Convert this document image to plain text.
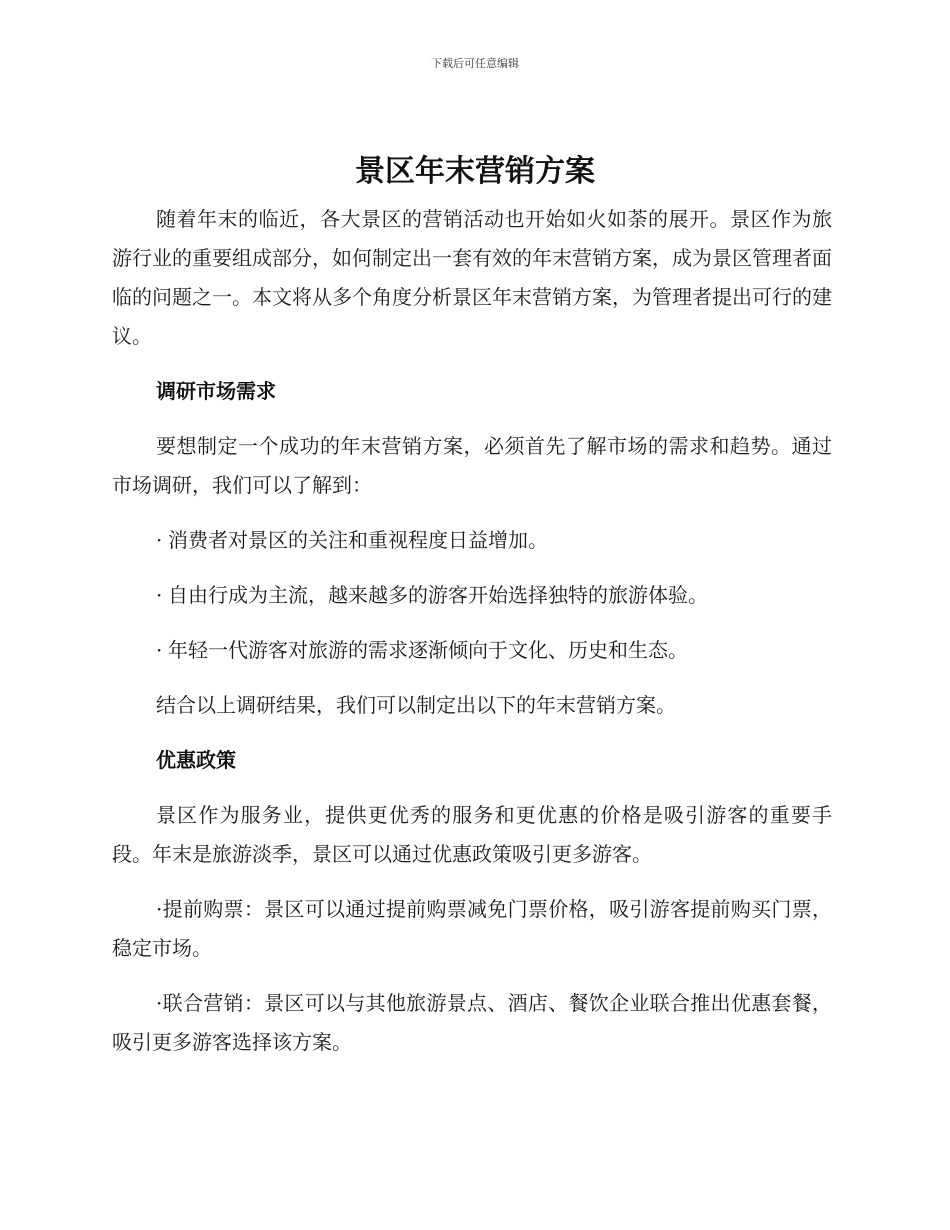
下载后可任意编辑
景区年末营销方案

随着年末的临近，各大景区的营销活动也开始如火如荼的展开。景区作为旅游行业的重要组成部分，如何制定出一套有效的年末营销方案，成为景区管理者面临的问题之一。本文将从多个角度分析景区年末营销方案，为管理者提出可行的建议。

调研市场需求

要想制定一个成功的年末营销方案，必须首先了解市场的需求和趋势。通过市场调研，我们可以了解到：

· 消费者对景区的关注和重视程度日益增加。
· 自由行成为主流，越来越多的游客开始选择独特的旅游体验。
· 年轻一代游客对旅游的需求逐渐倾向于文化、历史和生态。

结合以上调研结果，我们可以制定出以下的年末营销方案。

优惠政策

景区作为服务业，提供更优秀的服务和更优惠的价格是吸引游客的重要手段。年末是旅游淡季，景区可以通过优惠政策吸引更多游客。

·提前购票：景区可以通过提前购票减免门票价格，吸引游客提前购买门票，稳定市场。
·联合营销：景区可以与其他旅游景点、酒店、餐饮企业联合推出优惠套餐，吸引更多游客选择该方案。
